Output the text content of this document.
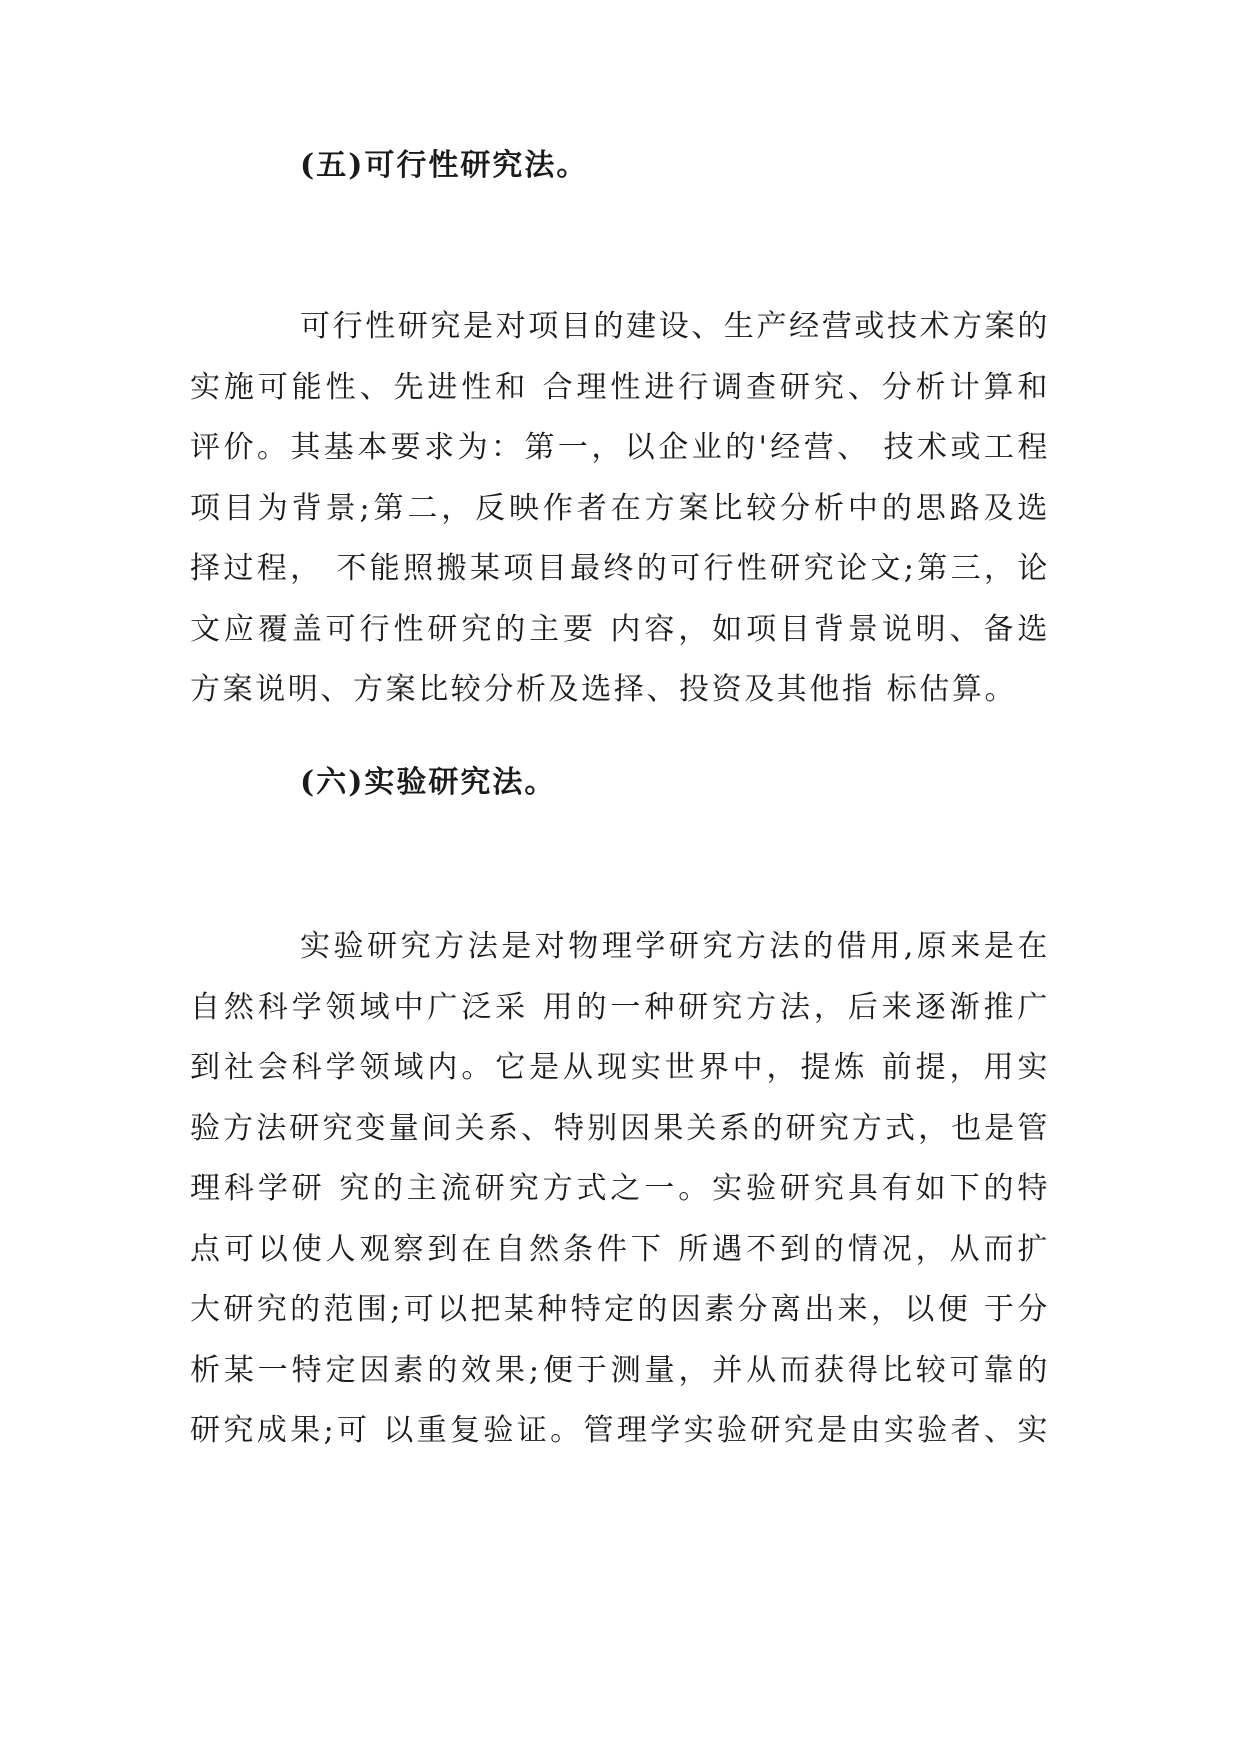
(五)可行性研究法。
可行性研究是对项目的建设、生产经营或技术方案的
实施可能性、先进性和 合理性进行调查研究、分析计算和
评价。其基本要求为：第一，以企业的'经营、 技术或工程
项目为背景;第二，反映作者在方案比较分析中的思路及选
择过程， 不能照搬某项目最终的可行性研究论文;第三，论
文应覆盖可行性研究的主要 内容，如项目背景说明、备选
方案说明、方案比较分析及选择、投资及其他指 标估算。
(六)实验研究法。
实验研究方法是对物理学研究方法的借用,原来是在
自然科学领域中广泛采 用的一种研究方法，后来逐渐推广
到社会科学领域内。它是从现实世界中，提炼 前提，用实
验方法研究变量间关系、特别因果关系的研究方式，也是管
理科学研 究的主流研究方式之一。实验研究具有如下的特
点可以使人观察到在自然条件下 所遇不到的情况，从而扩
大研究的范围;可以把某种特定的因素分离出来，以便 于分
析某一特定因素的效果;便于测量，并从而获得比较可靠的
研究成果;可 以重复验证。管理学实验研究是由实验者、实
